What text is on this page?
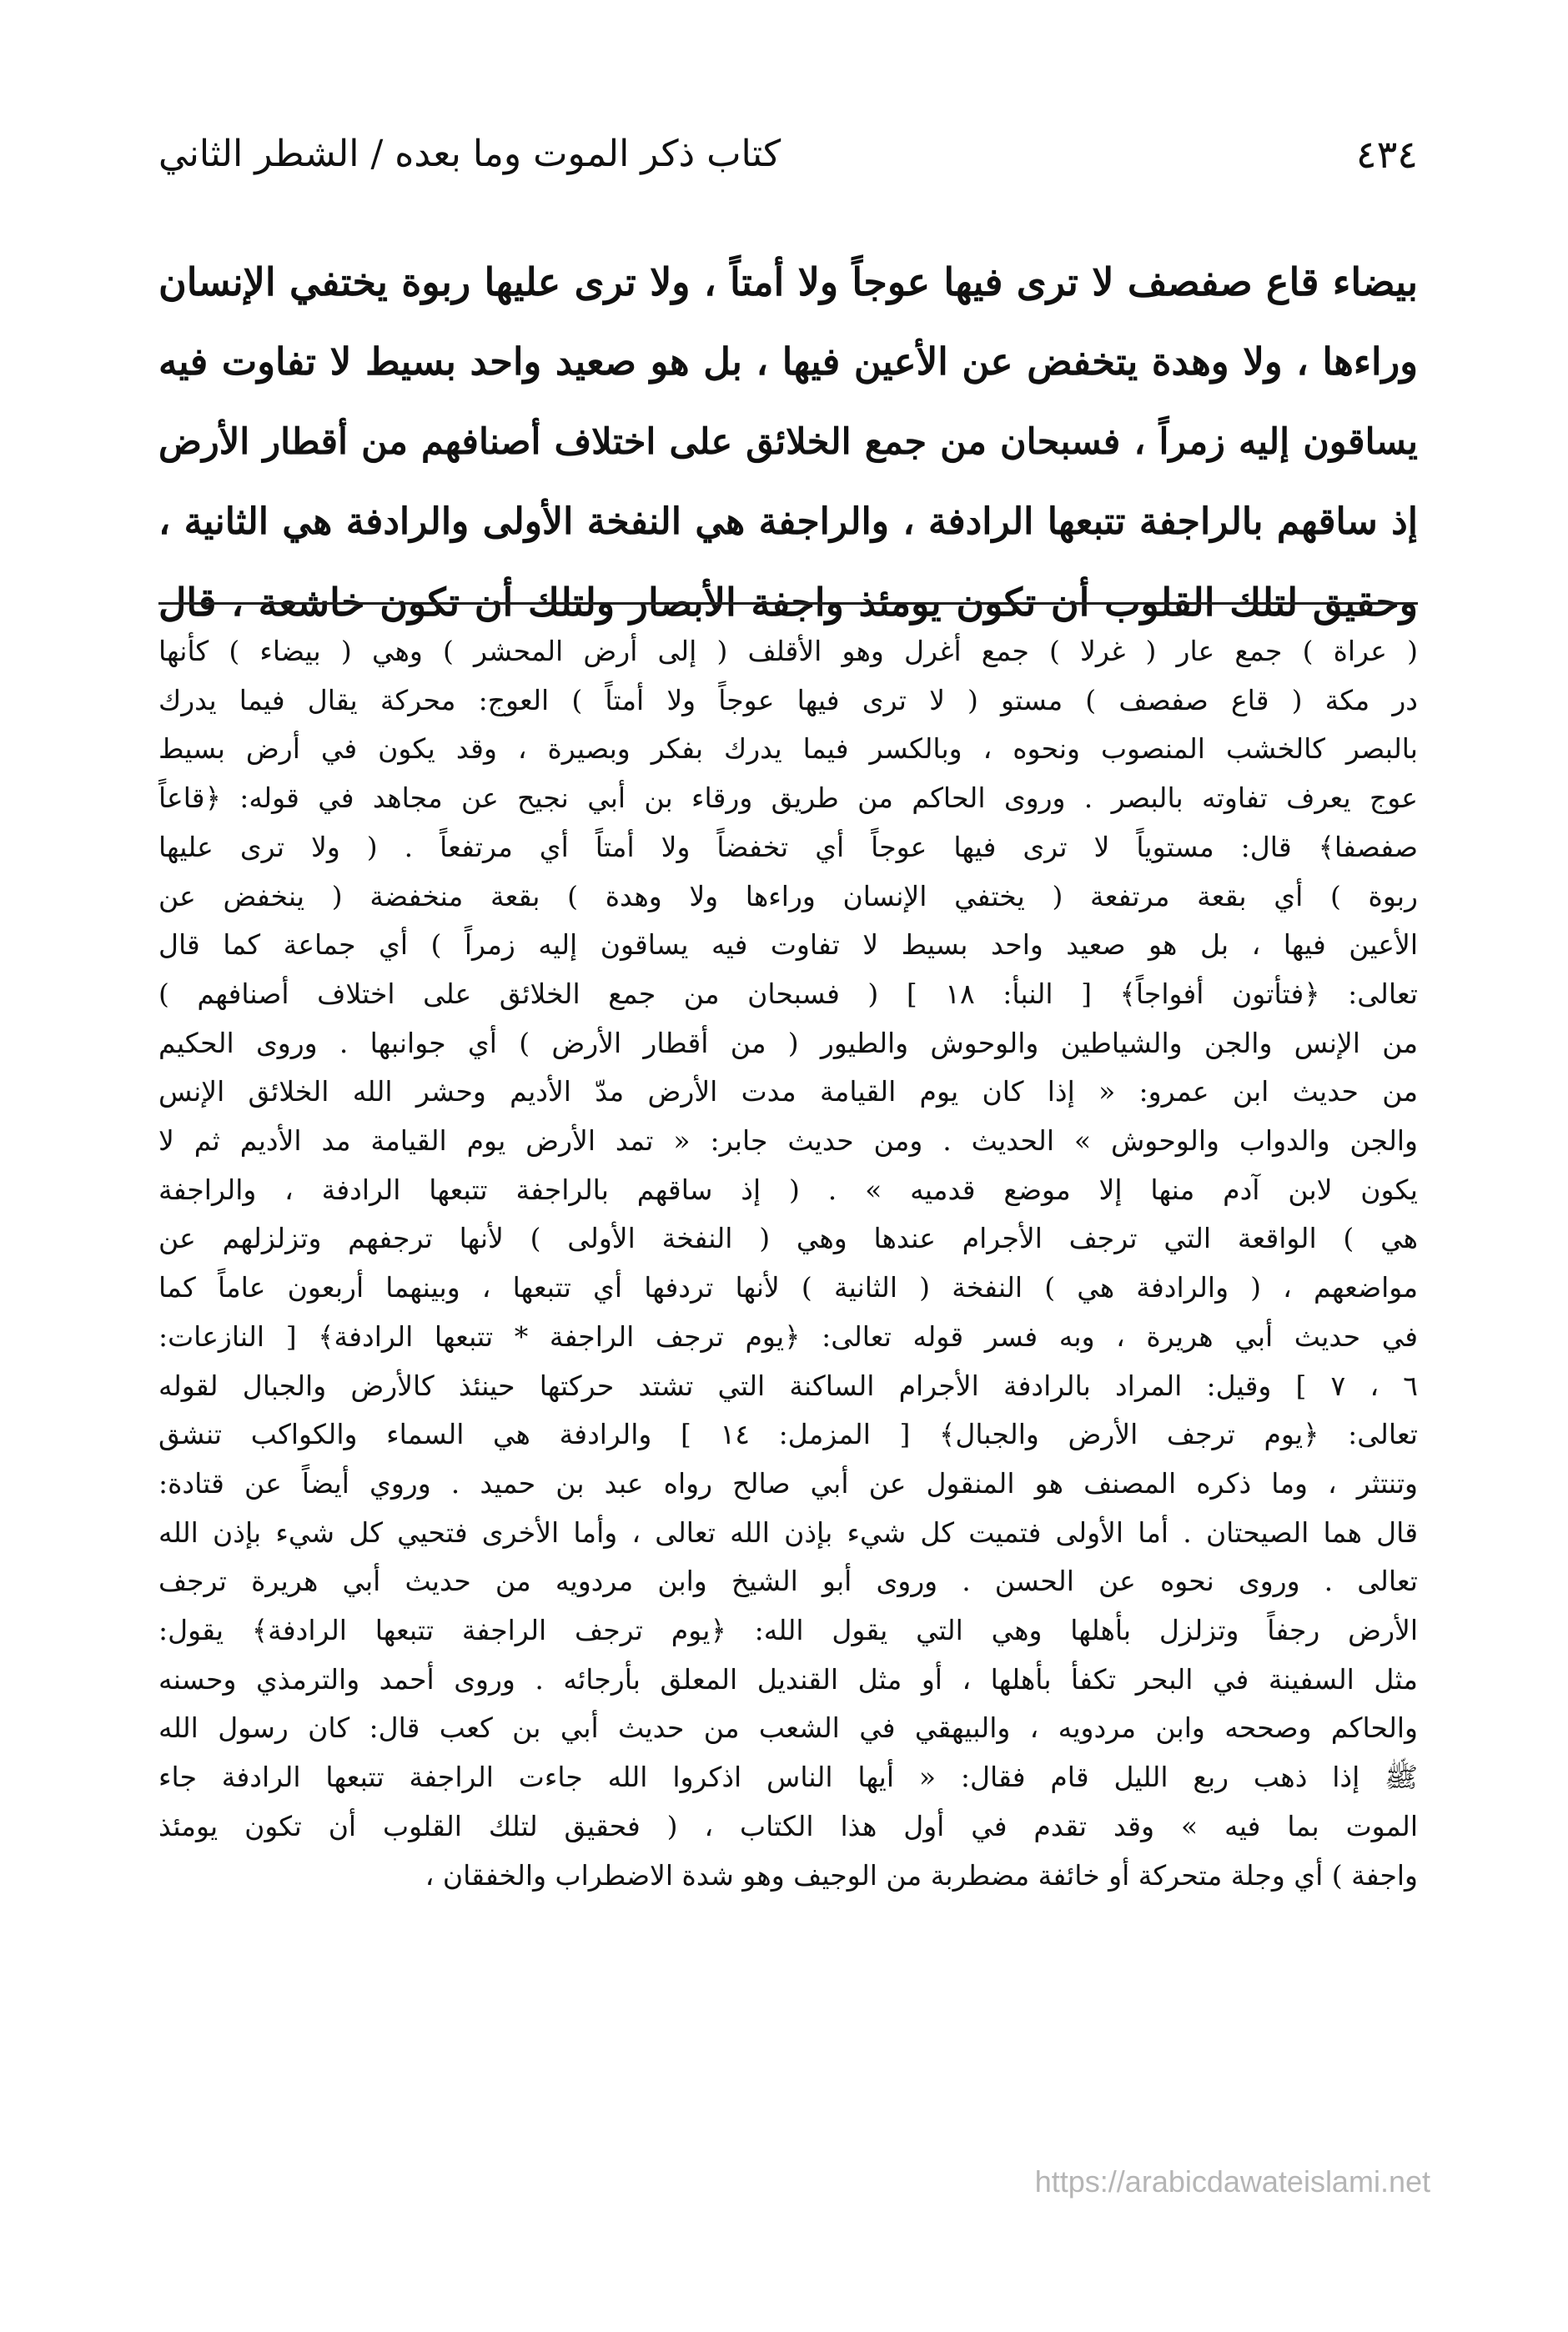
٤٣٤
كتاب ذكر الموت وما بعده / الشطر الثاني

بيضاء قاع صفصف لا ترى فيها عوجاً ولا أمتاً ، ولا ترى عليها ربوة يختفي الإنسان

وراءها ، ولا وهدة يتخفض عن الأعين فيها ، بل هو صعيد واحد بسيط لا تفاوت فيه

يساقون إليه زمراً ، فسبحان من جمع الخلائق على اختلاف أصنافهم من أقطار الأرض

إذ ساقهم بالراجفة تتبعها الرادفة ، والراجفة هي النفخة الأولى والرادفة هي الثانية ،

وحقيق لتلك القلوب أن تكون يومئذ واجفة الأبصار ولتلك أن تكون خاشعة ، قال

( عراة ) جمع عار ( غرلا ) جمع أغرل وهو الأقلف ( إلى أرض المحشر ) وهي ( بيضاء ) كأنها

در مكة ( قاع صفصف ) مستو ( لا ترى فيها عوجاً ولا أمتاً ) العوج: محركة يقال فيما يدرك

بالبصر كالخشب المنصوب ونحوه ، وبالكسر فيما يدرك بفكر وبصيرة ، وقد يكون في أرض بسيط

عوج يعرف تفاوته بالبصر . وروى الحاكم من طريق ورقاء بن أبي نجيح عن مجاهد في قوله: ﴿قاعاً

صفصفا﴾ قال: مستوياً لا ترى فيها عوجاً أي تخفضاً ولا أمتاً أي مرتفعاً . ( ولا ترى عليها

ربوة ) أي بقعة مرتفعة ( يختفي الإنسان وراءها ولا وهدة ) بقعة منخفضة ( ينخفض عن

الأعين فيها ، بل هو صعيد واحد بسيط لا تفاوت فيه يساقون إليه زمراً ) أي جماعة كما قال

تعالى: ﴿فتأتون أفواجاً﴾ [ النبأ: ١٨ ] ( فسبحان من جمع الخلائق على اختلاف أصنافهم )

من الإنس والجن والشياطين والوحوش والطيور ( من أقطار الأرض ) أي جوانبها . وروى الحكيم

من حديث ابن عمرو: « إذا كان يوم القيامة مدت الأرض مدّ الأديم وحشر الله الخلائق الإنس

والجن والدواب والوحوش » الحديث . ومن حديث جابر: « تمد الأرض يوم القيامة مد الأديم ثم لا

يكون لابن آدم منها إلا موضع قدميه » . ( إذ ساقهم بالراجفة تتبعها الرادفة ، والراجفة

هي ) الواقعة التي ترجف الأجرام عندها وهي ( النفخة الأولى ) لأنها ترجفهم وتزلزلهم عن

مواضعهم ، ( والرادفة هي ) النفخة ( الثانية ) لأنها تردفها أي تتبعها ، وبينهما أربعون عاماً كما

في حديث أبي هريرة ، وبه فسر قوله تعالى: ﴿يوم ترجف الراجفة * تتبعها الرادفة﴾ [ النازعات:

٦ ، ٧ ] وقيل: المراد بالرادفة الأجرام الساكنة التي تشتد حركتها حينئذ كالأرض والجبال لقوله

تعالى: ﴿يوم ترجف الأرض والجبال﴾ [ المزمل: ١٤ ] والرادفة هي السماء والكواكب تنشق

وتنتثر ، وما ذكره المصنف هو المنقول عن أبي صالح رواه عبد بن حميد . وروي أيضاً عن قتادة:

قال هما الصيحتان . أما الأولى فتميت كل شيء بإذن الله تعالى ، وأما الأخرى فتحيي كل شيء بإذن الله

تعالى . وروى نحوه عن الحسن . وروى أبو الشيخ وابن مردويه من حديث أبي هريرة ترجف

الأرض رجفاً وتزلزل بأهلها وهي التي يقول الله: ﴿يوم ترجف الراجفة تتبعها الرادفة﴾ يقول:

مثل السفينة في البحر تكفأ بأهلها ، أو مثل القنديل المعلق بأرجائه . وروى أحمد والترمذي وحسنه

والحاكم وصححه وابن مردويه ، والبيهقي في الشعب من حديث أبي بن كعب قال: كان رسول الله

ﷺ إذا ذهب ربع الليل قام فقال: « أيها الناس اذكروا الله جاءت الراجفة تتبعها الرادفة جاء

الموت بما فيه » وقد تقدم في أول هذا الكتاب ، ( فحقيق لتلك القلوب أن تكون يومئذ

واجفة ) أي وجلة متحركة أو خائفة مضطربة من الوجيف وهو شدة الاضطراب والخفقان ،

https://arabicdawateislami.net
